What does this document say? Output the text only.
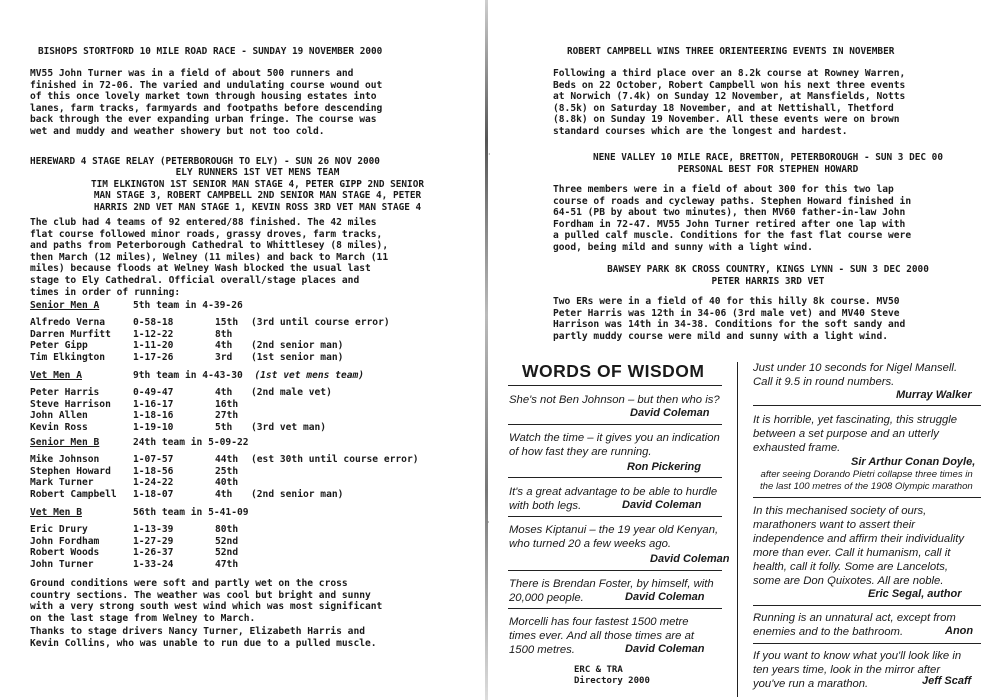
BISHOPS STORTFORD 10 MILE ROAD RACE - SUNDAY 19 NOVEMBER 2000
MV55 John Turner was in a field of about 500 runners and
finished in 72-06. The varied and undulating course wound out
of this once lovely market town through housing estates into
lanes, farm tracks, farmyards and footpaths before descending
back through the ever expanding urban fringe. The course was
wet and muddy and weather showery but not too cold.
HEREWARD 4 STAGE RELAY (PETERBOROUGH TO ELY) - SUN 26 NOV 2000
ELY RUNNERS 1ST VET MENS TEAM
TIM ELKINGTON 1ST SENIOR MAN STAGE 4, PETER GIPP 2ND SENIOR
MAN STAGE 3, ROBERT CAMPBELL 2ND SENIOR MAN STAGE 4, PETER
HARRIS 2ND VET MAN STAGE 1, KEVIN ROSS 3RD VET MAN STAGE 4
The club had 4 teams of 92 entered/88 finished. The 42 miles
flat course followed minor roads, grassy droves, farm tracks,
and paths from Peterborough Cathedral to Whittlesey (8 miles),
then March (12 miles), Welney (11 miles) and back to March (11
miles) because floods at Welney Wash blocked the usual last
stage to Ely Cathedral. Official overall/stage places and
times in order of running:
Senior Men A	5th team in 4-39-26
Alfredo Verna	0-58-18	15th	(3rd until course error)
Darren Murfitt	1-12-22	8th	
Peter Gipp	1-11-20	4th	(2nd senior man)
Tim Elkington	1-17-26	3rd	(1st senior man)
Vet Men A	9th team in 4-43-30 (1st vet mens team)
Peter Harris	0-49-47	4th	(2nd male vet)
Steve Harrison	1-16-17	16th	
John Allen	1-18-16	27th	
Kevin Ross	1-19-10	5th	(3rd vet man)
Senior Men B	24th team in 5-09-22
Mike Johnson	1-07-57	44th	(est 30th until course error)
Stephen Howard	1-18-56	25th	
Mark Turner	1-24-22	40th	
Robert Campbell	1-18-07	4th	(2nd senior man)
Vet Men B	56th team in 5-41-09
Eric Drury	1-13-39	80th	
John Fordham	1-27-29	52nd	
Robert Woods	1-26-37	52nd	
John Turner	1-33-24	47th	
Ground conditions were soft and partly wet on the cross
country sections. The weather was cool but bright and sunny
with a very strong south west wind which was most significant
on the last stage from Welney to March.
Thanks to stage drivers Nancy Turner, Elizabeth Harris and
Kevin Collins, who was unable to run due to a pulled muscle.
ROBERT CAMPBELL WINS THREE ORIENTEERING EVENTS IN NOVEMBER
Following a third place over an 8.2k course at Rowney Warren,
Beds on 22 October, Robert Campbell won his next three events
at Norwich (7.4k) on Sunday 12 November, at Mansfields, Notts
(8.5k) on Saturday 18 November, and at Nettishall, Thetford
(8.8k) on Sunday 19 November. All these events were on brown
standard courses which are the longest and hardest.
NENE VALLEY 10 MILE RACE, BRETTON, PETERBOROUGH - SUN 3 DEC 00
PERSONAL BEST FOR STEPHEN HOWARD
Three members were in a field of about 300 for this two lap
course of roads and cycleway paths. Stephen Howard finished in
64-51 (PB by about two minutes), then MV60 father-in-law John
Fordham in 72-47. MV55 John Turner retired after one lap with
a pulled calf muscle. Conditions for the fast flat course were
good, being mild and sunny with a light wind.
BAWSEY PARK 8K CROSS COUNTRY, KINGS LYNN - SUN 3 DEC 2000
PETER HARRIS 3RD VET
Two ERs were in a field of 40 for this hilly 8k course. MV50
Peter Harris was 12th in 34-06 (3rd male vet) and MV40 Steve
Harrison was 14th in 34-38. Conditions for the soft sandy and
partly muddy course were mild and sunny with a light wind.
WORDS OF WISDOM
She's not Ben Johnson – but then who is?
David Coleman
Watch the time – it gives you an indication
of how fast they are running.
Ron Pickering
It's a great advantage to be able to hurdle
with both legs.	David Coleman
Moses Kiptanui – the 19 year old Kenyan,
who turned 20 a few weeks ago.
David Coleman
There is Brendan Foster, by himself, with
20,000 people.	David Coleman
Morcelli has four fastest 1500 metre
times ever. And all those times are at
1500 metres.	David Coleman
Just under 10 seconds for Nigel Mansell.
Call it 9.5 in round numbers.
Murray Walker
It is horrible, yet fascinating, this struggle
between a set purpose and an utterly
exhausted frame.
Sir Arthur Conan Doyle,
after seeing Dorando Pietri collapse three times in
the last 100 metres of the 1908 Olympic marathon
In this mechanised society of ours,
marathoners want to assert their
independence and affirm their individuality
more than ever. Call it humanism, call it
health, call it folly. Some are Lancelots,
some are Don Quixotes. All are noble.
Eric Segal, author
Running is an unnatural act, except from
enemies and to the bathroom.	Anon
If you want to know what you'll look like in
ten years time, look in the mirror after
you've run a marathon.	Jeff Scaff
ERC & TRA
Directory 2000
·
·
